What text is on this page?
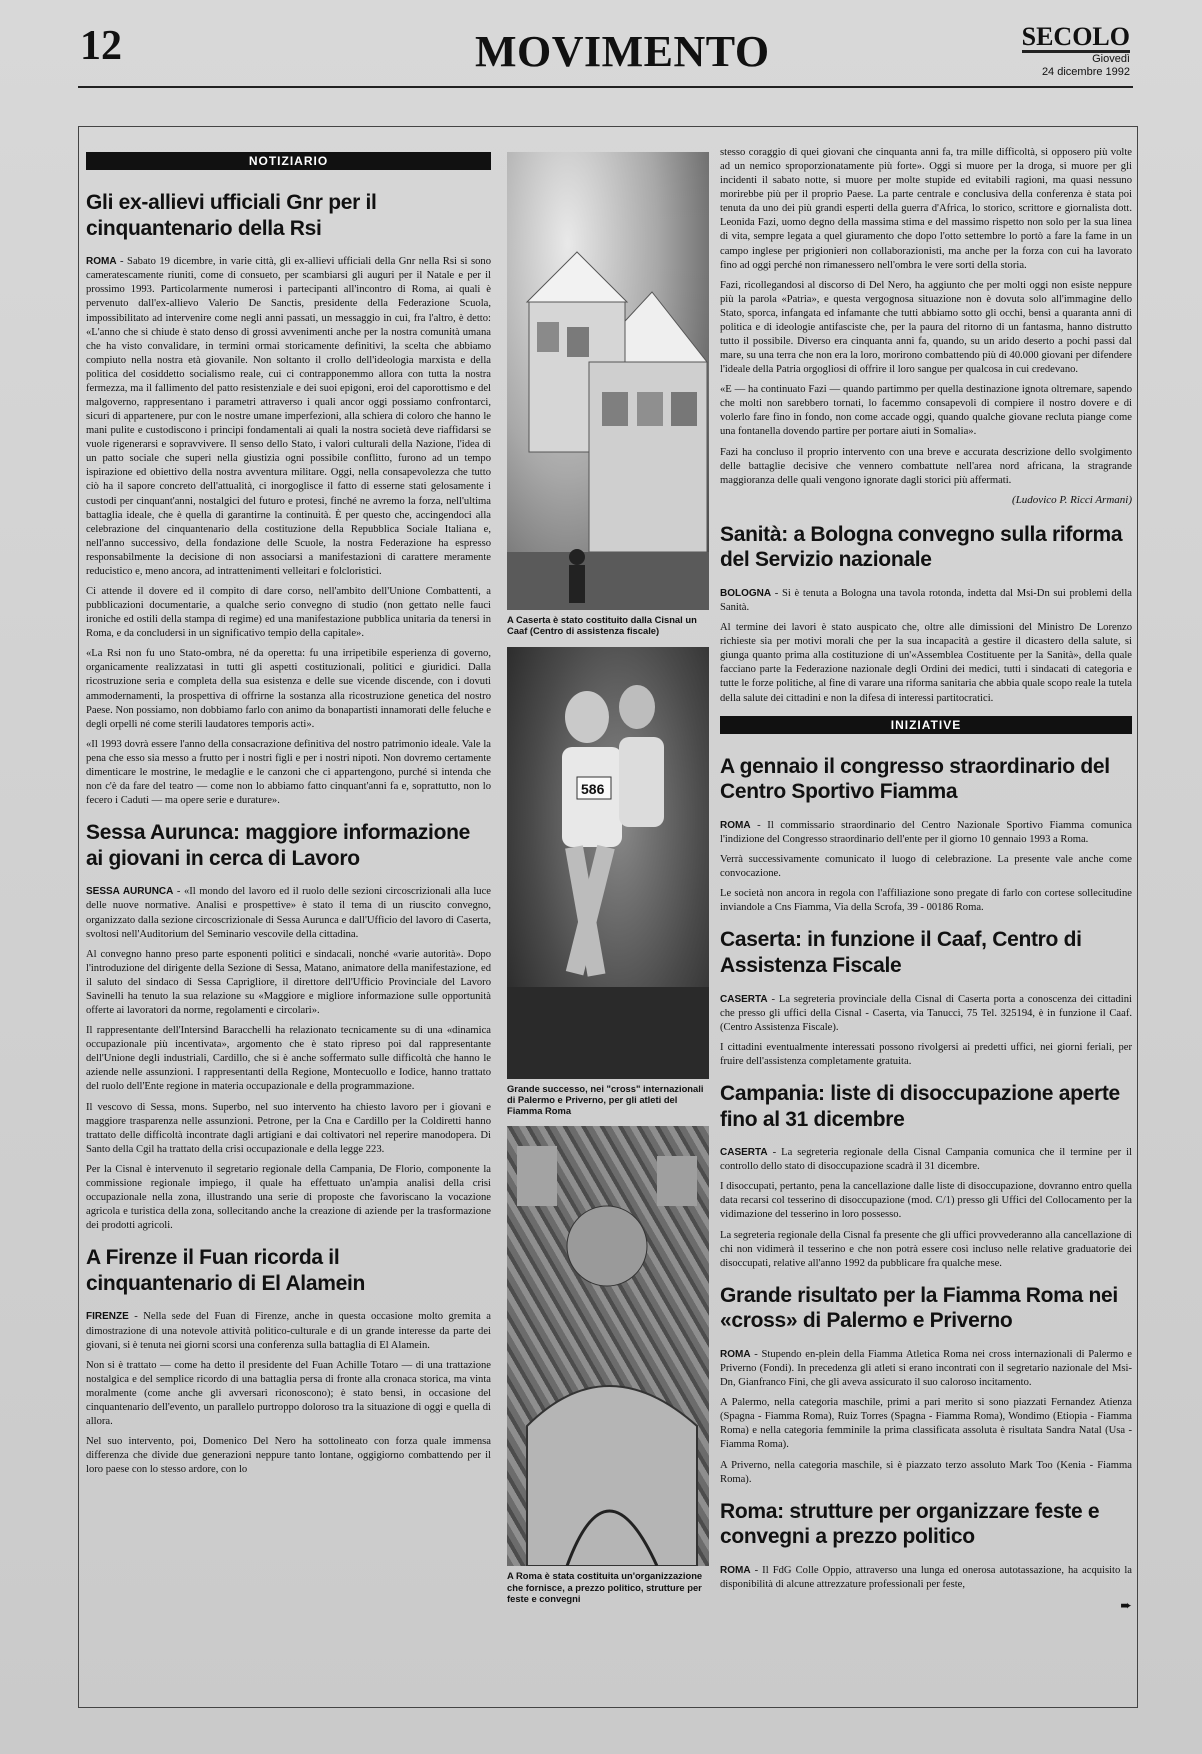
12	MOVIMENTO	SECOLO
Giovedì
24 dicembre 1992
NOTIZIARIO
Gli ex-allievi ufficiali Gnr per il cinquantenario della Rsi

ROMA - Sabato 19 dicembre, in varie città, gli ex-allievi ufficiali della Gnr nella Rsi si sono cameratescamente riuniti, come di consueto, per scambiarsi gli auguri per il Natale e per il prossimo 1993. Particolarmente numerosi i partecipanti all'incontro di Roma, ai quali è pervenuto dall'ex-allievo Valerio De Sanctis, presidente della Federazione Scuola, impossibilitato ad intervenire come negli anni passati, un messaggio in cui, fra l'altro, è detto: «L'anno che si chiude è stato denso di grossi avvenimenti anche per la nostra comunità umana che ha visto convalidare, in termini ormai storicamente definitivi, la scelta che abbiamo compiuto nella nostra età giovanile. Non soltanto il crollo dell'ideologia marxista e della politica del cosiddetto socialismo reale, cui ci contrapponemmo allora con tutta la nostra fermezza, ma il fallimento del patto resistenziale e dei suoi epigoni, eroi del caporottismo e del malgoverno, rappresentano i parametri attraverso i quali ancor oggi possiamo confrontarci, sicuri di appartenere, pur con le nostre umane imperfezioni, alla schiera di coloro che hanno le mani pulite e custodiscono i principi fondamentali ai quali la nostra società deve riaffidarsi se vuole rigenerarsi e sopravvivere. Il senso dello Stato, i valori culturali della Nazione, l'idea di un patto sociale che superi nella giustizia ogni possibile conflitto, furono ad un tempo ispirazione ed obiettivo della nostra avventura militare. Oggi, nella consapevolezza che tutto ciò ha il sapore concreto dell'attualità, ci inorgoglisce il fatto di esserne stati gelosamente i custodi per cinquant'anni, nostalgici del futuro e protesi, finché ne avremo la forza, nell'ultima battaglia ideale, che è quella di garantirne la continuità. È per questo che, accingendoci alla celebrazione del cinquantenario della costituzione della Repubblica Sociale Italiana e, nell'anno successivo, della fondazione delle Scuole, la nostra Federazione ha espresso responsabilmente la decisione di non associarsi a manifestazioni di carattere meramente reducistico e, meno ancora, ad intrattenimenti velleitari e folcloristici.

Ci attende il dovere ed il compito di dare corso, nell'ambito dell'Unione Combattenti, a pubblicazioni documentarie, a qualche serio convegno di studio (non gettato nelle fauci ironiche ed ostili della stampa di regime) ed una manifestazione pubblica unitaria da tenersi in Roma, e da concludersi in un significativo tempio della capitale».

«La Rsi non fu uno Stato-ombra, né da operetta: fu una irripetibile esperienza di governo, organicamente realizzatasi in tutti gli aspetti costituzionali, politici e giuridici. Dalla ricostruzione seria e completa della sua esistenza e delle sue vicende discende, con i dovuti ammodernamenti, la prospettiva di offrirne la sostanza alla ricostruzione genetica del nostro Paese. Non possiamo, non dobbiamo farlo con animo da bonapartisti innamorati delle feluche e degli orpelli né come sterili laudatores temporis acti».

«Il 1993 dovrà essere l'anno della consacrazione definitiva del nostro patrimonio ideale. Vale la pena che esso sia messo a frutto per i nostri figli e per i nostri nipoti. Non dovremo certamente dimenticare le mostrine, le medaglie e le canzoni che ci appartengono, purché si intenda che non c'è da fare del teatro — come non lo abbiamo fatto cinquant'anni fa e, soprattutto, non lo fecero i Caduti — ma opere serie e durature».

Sessa Aurunca: maggiore informazione ai giovani in cerca di Lavoro

SESSA AURUNCA - «Il mondo del lavoro ed il ruolo delle sezioni circoscrizionali alla luce delle nuove normative. Analisi e prospettive» è stato il tema di un riuscito convegno, organizzato dalla sezione circoscrizionale di Sessa Aurunca e dall'Ufficio del lavoro di Caserta, svoltosi nell'Auditorium del Seminario vescovile della cittadina.

Al convegno hanno preso parte esponenti politici e sindacali, nonché «varie autorità». Dopo l'introduzione del dirigente della Sezione di Sessa, Matano, animatore della manifestazione, ed il saluto del sindaco di Sessa Caprigliore, il direttore dell'Ufficio Provinciale del Lavoro Savinelli ha tenuto la sua relazione su «Maggiore e migliore informazione sulle opportunità offerte ai lavoratori da norme, regolamenti e circolari».

Il rappresentante dell'Intersind Baracchelli ha relazionato tecnicamente su di una «dinamica occupazionale più incentivata», argomento che è stato ripreso poi dal rappresentante dell'Unione degli industriali, Cardillo, che si è anche soffermato sulle difficoltà che hanno le aziende nelle assunzioni. I rappresentanti della Regione, Montecuollo e Iodice, hanno trattato del ruolo dell'Ente regione in materia occupazionale e della programmazione.

Il vescovo di Sessa, mons. Superbo, nel suo intervento ha chiesto lavoro per i giovani e maggiore trasparenza nelle assunzioni. Petrone, per la Cna e Cardillo per la Coldiretti hanno trattato delle difficoltà incontrate dagli artigiani e dai coltivatori nel reperire manodopera. Di Santo della Cgil ha trattato della crisi occupazionale e della legge 223.

Per la Cisnal è intervenuto il segretario regionale della Campania, De Florio, componente la commissione regionale impiego, il quale ha effettuato un'ampia analisi della crisi occupazionale nella zona, illustrando una serie di proposte che favoriscano la vocazione agricola e turistica della zona, sollecitando anche la creazione di aziende per la trasformazione dei prodotti agricoli.

A Firenze il Fuan ricorda il cinquantenario di El Alamein

FIRENZE - Nella sede del Fuan di Firenze, anche in questa occasione molto gremita a dimostrazione di una notevole attività politico-culturale e di un grande interesse da parte dei giovani, si è tenuta nei giorni scorsi una conferenza sulla battaglia di El Alamein.

Non si è trattato — come ha detto il presidente del Fuan Achille Totaro — di una trattazione nostalgica e del semplice ricordo di una battaglia persa di fronte alla cronaca storica, ma vinta moralmente (come anche gli avversari riconoscono); è stato bensì, in occasione del cinquantenario dell'evento, un parallelo purtroppo doloroso tra la situazione di oggi e quella di allora.

Nel suo intervento, poi, Domenico Del Nero ha sottolineato con forza quale immensa differenza che divide due generazioni neppure tanto lontane, oggigiorno combattendo per il loro paese con lo stesso ardore, con lo

A Caserta è stato costituito dalla Cisnal un Caaf (Centro di assistenza fiscale)
586
Grande successo, nei "cross" internazionali di Palermo e Priverno, per gli atleti del Fiamma Roma
A Roma è stata costituita un'organizzazione che fornisce, a prezzo politico, strutture per feste e convegni

stesso coraggio di quei giovani che cinquanta anni fa, tra mille difficoltà, si opposero più volte ad un nemico sproporzionatamente più forte». Oggi si muore per la droga, si muore per gli incidenti il sabato notte, si muore per molte stupide ed evitabili ragioni, ma quasi nessuno morirebbe più per il proprio Paese. La parte centrale e conclusiva della conferenza è stata poi tenuta da uno dei più grandi esperti della guerra d'Africa, lo storico, scrittore e giornalista dott. Leonida Fazi, uomo degno della massima stima e del massimo rispetto non solo per la sua linea di vita, sempre legata a quel giuramento che dopo l'otto settembre lo portò a fare la fame in un campo inglese per prigionieri non collaborazionisti, ma anche per la forza con cui ha lavorato fino ad oggi perché non rimanessero nell'ombra le vere sorti della storia.

Fazi, ricollegandosi al discorso di Del Nero, ha aggiunto che per molti oggi non esiste neppure più la parola «Patria», e questa vergognosa situazione non è dovuta solo all'immagine dello Stato, sporca, infangata ed infamante che tutti abbiamo sotto gli occhi, bensì a quaranta anni di politica e di ideologie antifasciste che, per la paura del ritorno di un fantasma, hanno distrutto tutto il possibile. Diverso era cinquanta anni fa, quando, su un arido deserto a pochi passi dal mare, su una terra che non era la loro, morirono combattendo più di 40.000 giovani per difendere l'ideale della Patria orgogliosi di offrire il loro sangue per qualcosa in cui credevano.

«E — ha continuato Fazi — quando partimmo per quella destinazione ignota oltremare, sapendo che molti non sarebbero tornati, lo facemmo consapevoli di compiere il nostro dovere e di volerlo fare fino in fondo, non come accade oggi, quando qualche giovane recluta piange come una fontanella dovendo partire per portare aiuti in Somalia».

Fazi ha concluso il proprio intervento con una breve e accurata descrizione dello svolgimento delle battaglie decisive che vennero combattute nell'area nord africana, la stragrande maggioranza delle quali vengono ignorate dagli storici più affermati.

(Ludovico P. Ricci Armani)
Sanità: a Bologna convegno sulla riforma del Servizio nazionale

BOLOGNA - Si è tenuta a Bologna una tavola rotonda, indetta dal Msi-Dn sui problemi della Sanità.

Al termine dei lavori è stato auspicato che, oltre alle dimissioni del Ministro De Lorenzo richieste sia per motivi morali che per la sua incapacità a gestire il dicastero della salute, si giunga quanto prima alla costituzione di un'«Assemblea Costituente per la Sanità», della quale facciano parte la Federazione nazionale degli Ordini dei medici, tutti i sindacati di categoria e tutte le forze politiche, al fine di varare una riforma sanitaria che abbia quale scopo reale la tutela della salute dei cittadini e non la difesa di interessi partitocratici.

INIZIATIVE
A gennaio il congresso straordinario del Centro Sportivo Fiamma

ROMA - Il commissario straordinario del Centro Nazionale Sportivo Fiamma comunica l'indizione del Congresso straordinario dell'ente per il giorno 10 gennaio 1993 a Roma.

Verrà successivamente comunicato il luogo di celebrazione. La presente vale anche come convocazione.

Le società non ancora in regola con l'affiliazione sono pregate di farlo con cortese sollecitudine inviandole a Cns Fiamma, Via della Scrofa, 39 - 00186 Roma.

Caserta: in funzione il Caaf, Centro di Assistenza Fiscale

CASERTA - La segreteria provinciale della Cisnal di Caserta porta a conoscenza dei cittadini che presso gli uffici della Cisnal - Caserta, via Tanucci, 75 Tel. 325194, è in funzione il Caaf. (Centro Assistenza Fiscale).

I cittadini eventualmente interessati possono rivolgersi ai predetti uffici, nei giorni feriali, per fruire dell'assistenza completamente gratuita.

Campania: liste di disoccupazione aperte fino al 31 dicembre

CASERTA - La segreteria regionale della Cisnal Campania comunica che il termine per il controllo dello stato di disoccupazione scadrà il 31 dicembre.

I disoccupati, pertanto, pena la cancellazione dalle liste di disoccupazione, dovranno entro quella data recarsi col tesserino di disoccupazione (mod. C/1) presso gli Uffici del Collocamento per la vidimazione del tesserino in loro possesso.

La segreteria regionale della Cisnal fa presente che gli uffici provvederanno alla cancellazione di chi non vidimerà il tesserino e che non potrà essere così incluso nelle relative graduatorie dei disoccupati, relative all'anno 1992 da pubblicare fra qualche mese.

Grande risultato per la Fiamma Roma nei «cross» di Palermo e Priverno

ROMA - Stupendo en-plein della Fiamma Atletica Roma nei cross internazionali di Palermo e Priverno (Fondi). In precedenza gli atleti si erano incontrati con il segretario nazionale del Msi-Dn, Gianfranco Fini, che gli aveva assicurato il suo caloroso incitamento.

A Palermo, nella categoria maschile, primi a pari merito si sono piazzati Fernandez Atienza (Spagna - Fiamma Roma), Ruiz Torres (Spagna - Fiamma Roma), Wondimo (Etiopia - Fiamma Roma) e nella categoria femminile la prima classificata assoluta è risultata Sandra Natal (Usa - Fiamma Roma).

A Priverno, nella categoria maschile, si è piazzato terzo assoluto Mark Too (Kenia - Fiamma Roma).

Roma: strutture per organizzare feste e convegni a prezzo politico

ROMA - Il FdG Colle Oppio, attraverso una lunga ed onerosa autotassazione, ha acquisito la disponibilità di alcune attrezzature professionali per feste,

➨
